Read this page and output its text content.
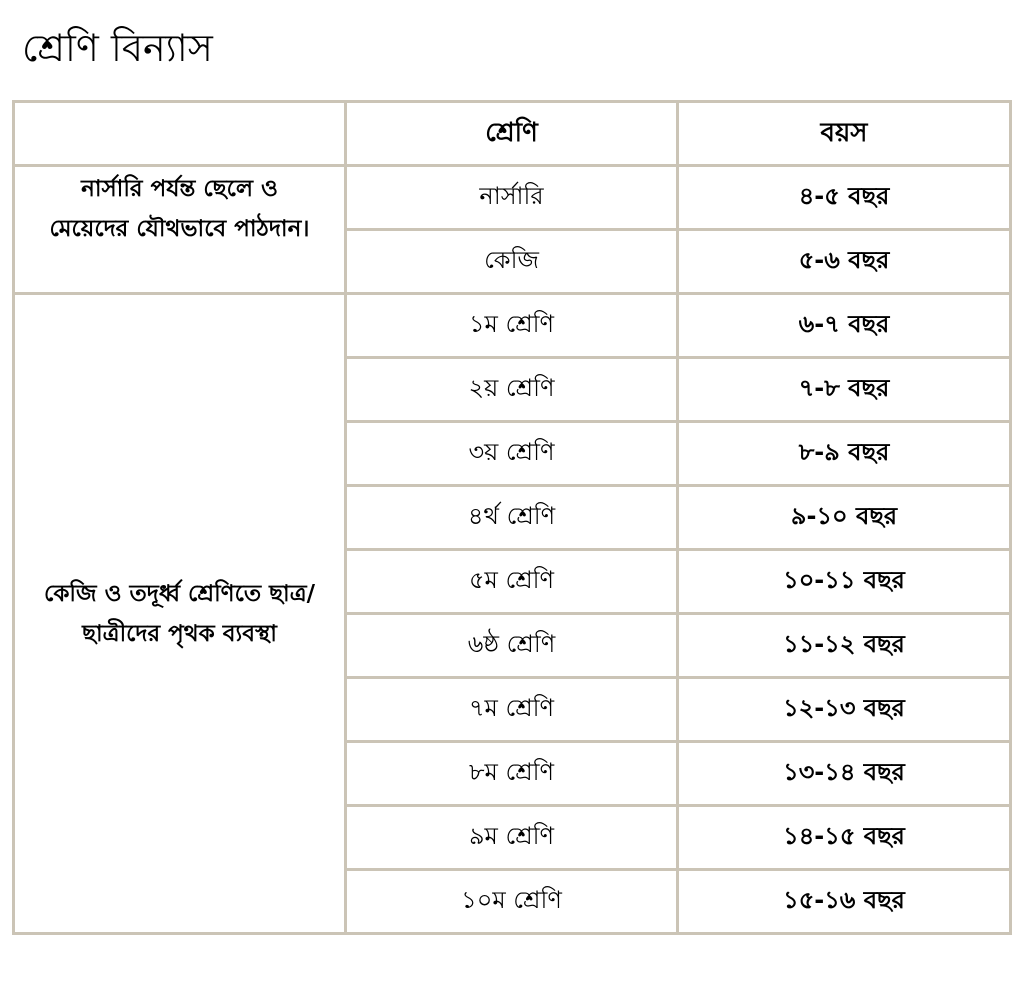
শ্রেণি বিন্যাস
	শ্রেণি	বয়স

নার্সারি পর্যন্ত ছেলে ও মেয়েদের যৌথভাবে পাঠদান।	নার্সারি	৪-৫ বছর
	কেজি	৫-৬ বছর

কেজি ও তদূর্ধ্ব শ্রেণিতে ছাত্র/ছাত্রীদের পৃথক ব্যবস্থা	১ম শ্রেণি	৬-৭ বছর
	২য় শ্রেণি	৭-৮ বছর
	৩য় শ্রেণি	৮-৯ বছর
	৪র্থ শ্রেণি	৯-১০ বছর
	৫ম শ্রেণি	১০-১১ বছর
	৬ষ্ঠ শ্রেণি	১১-১২ বছর
	৭ম শ্রেণি	১২-১৩ বছর
	৮ম শ্রেণি	১৩-১৪ বছর
	৯ম শ্রেণি	১৪-১৫ বছর
	১০ম শ্রেণি	১৫-১৬ বছর
